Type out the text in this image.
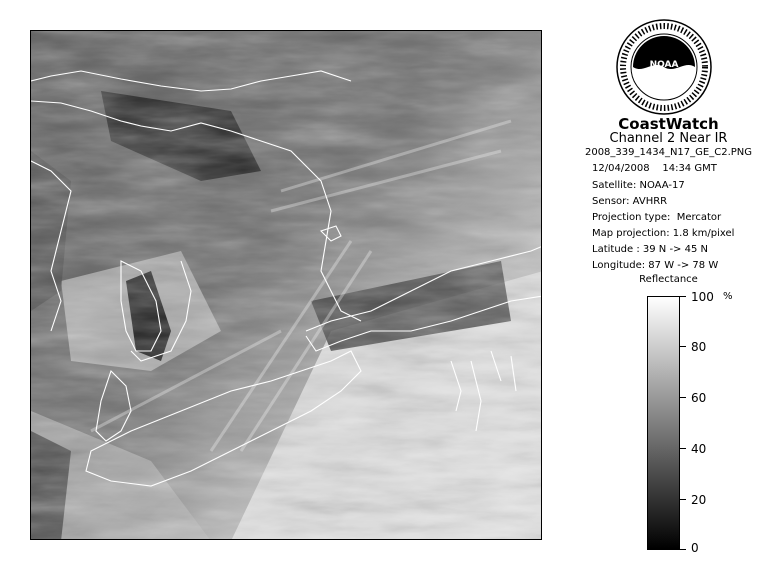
NOAA
CoastWatch
Channel 2 Near IR
2008_339_1434_N17_GE_C2.PNG
12/04/2008    14:34 GMT
Satellite: NOAA-17
Sensor: AVHRR
Projection type:  Mercator
Map projection: 1.8 km/pixel
Latitude : 39 N -> 45 N
Longitude: 87 W -> 78 W
Reflectance
%
100
80
60
40
20
0
